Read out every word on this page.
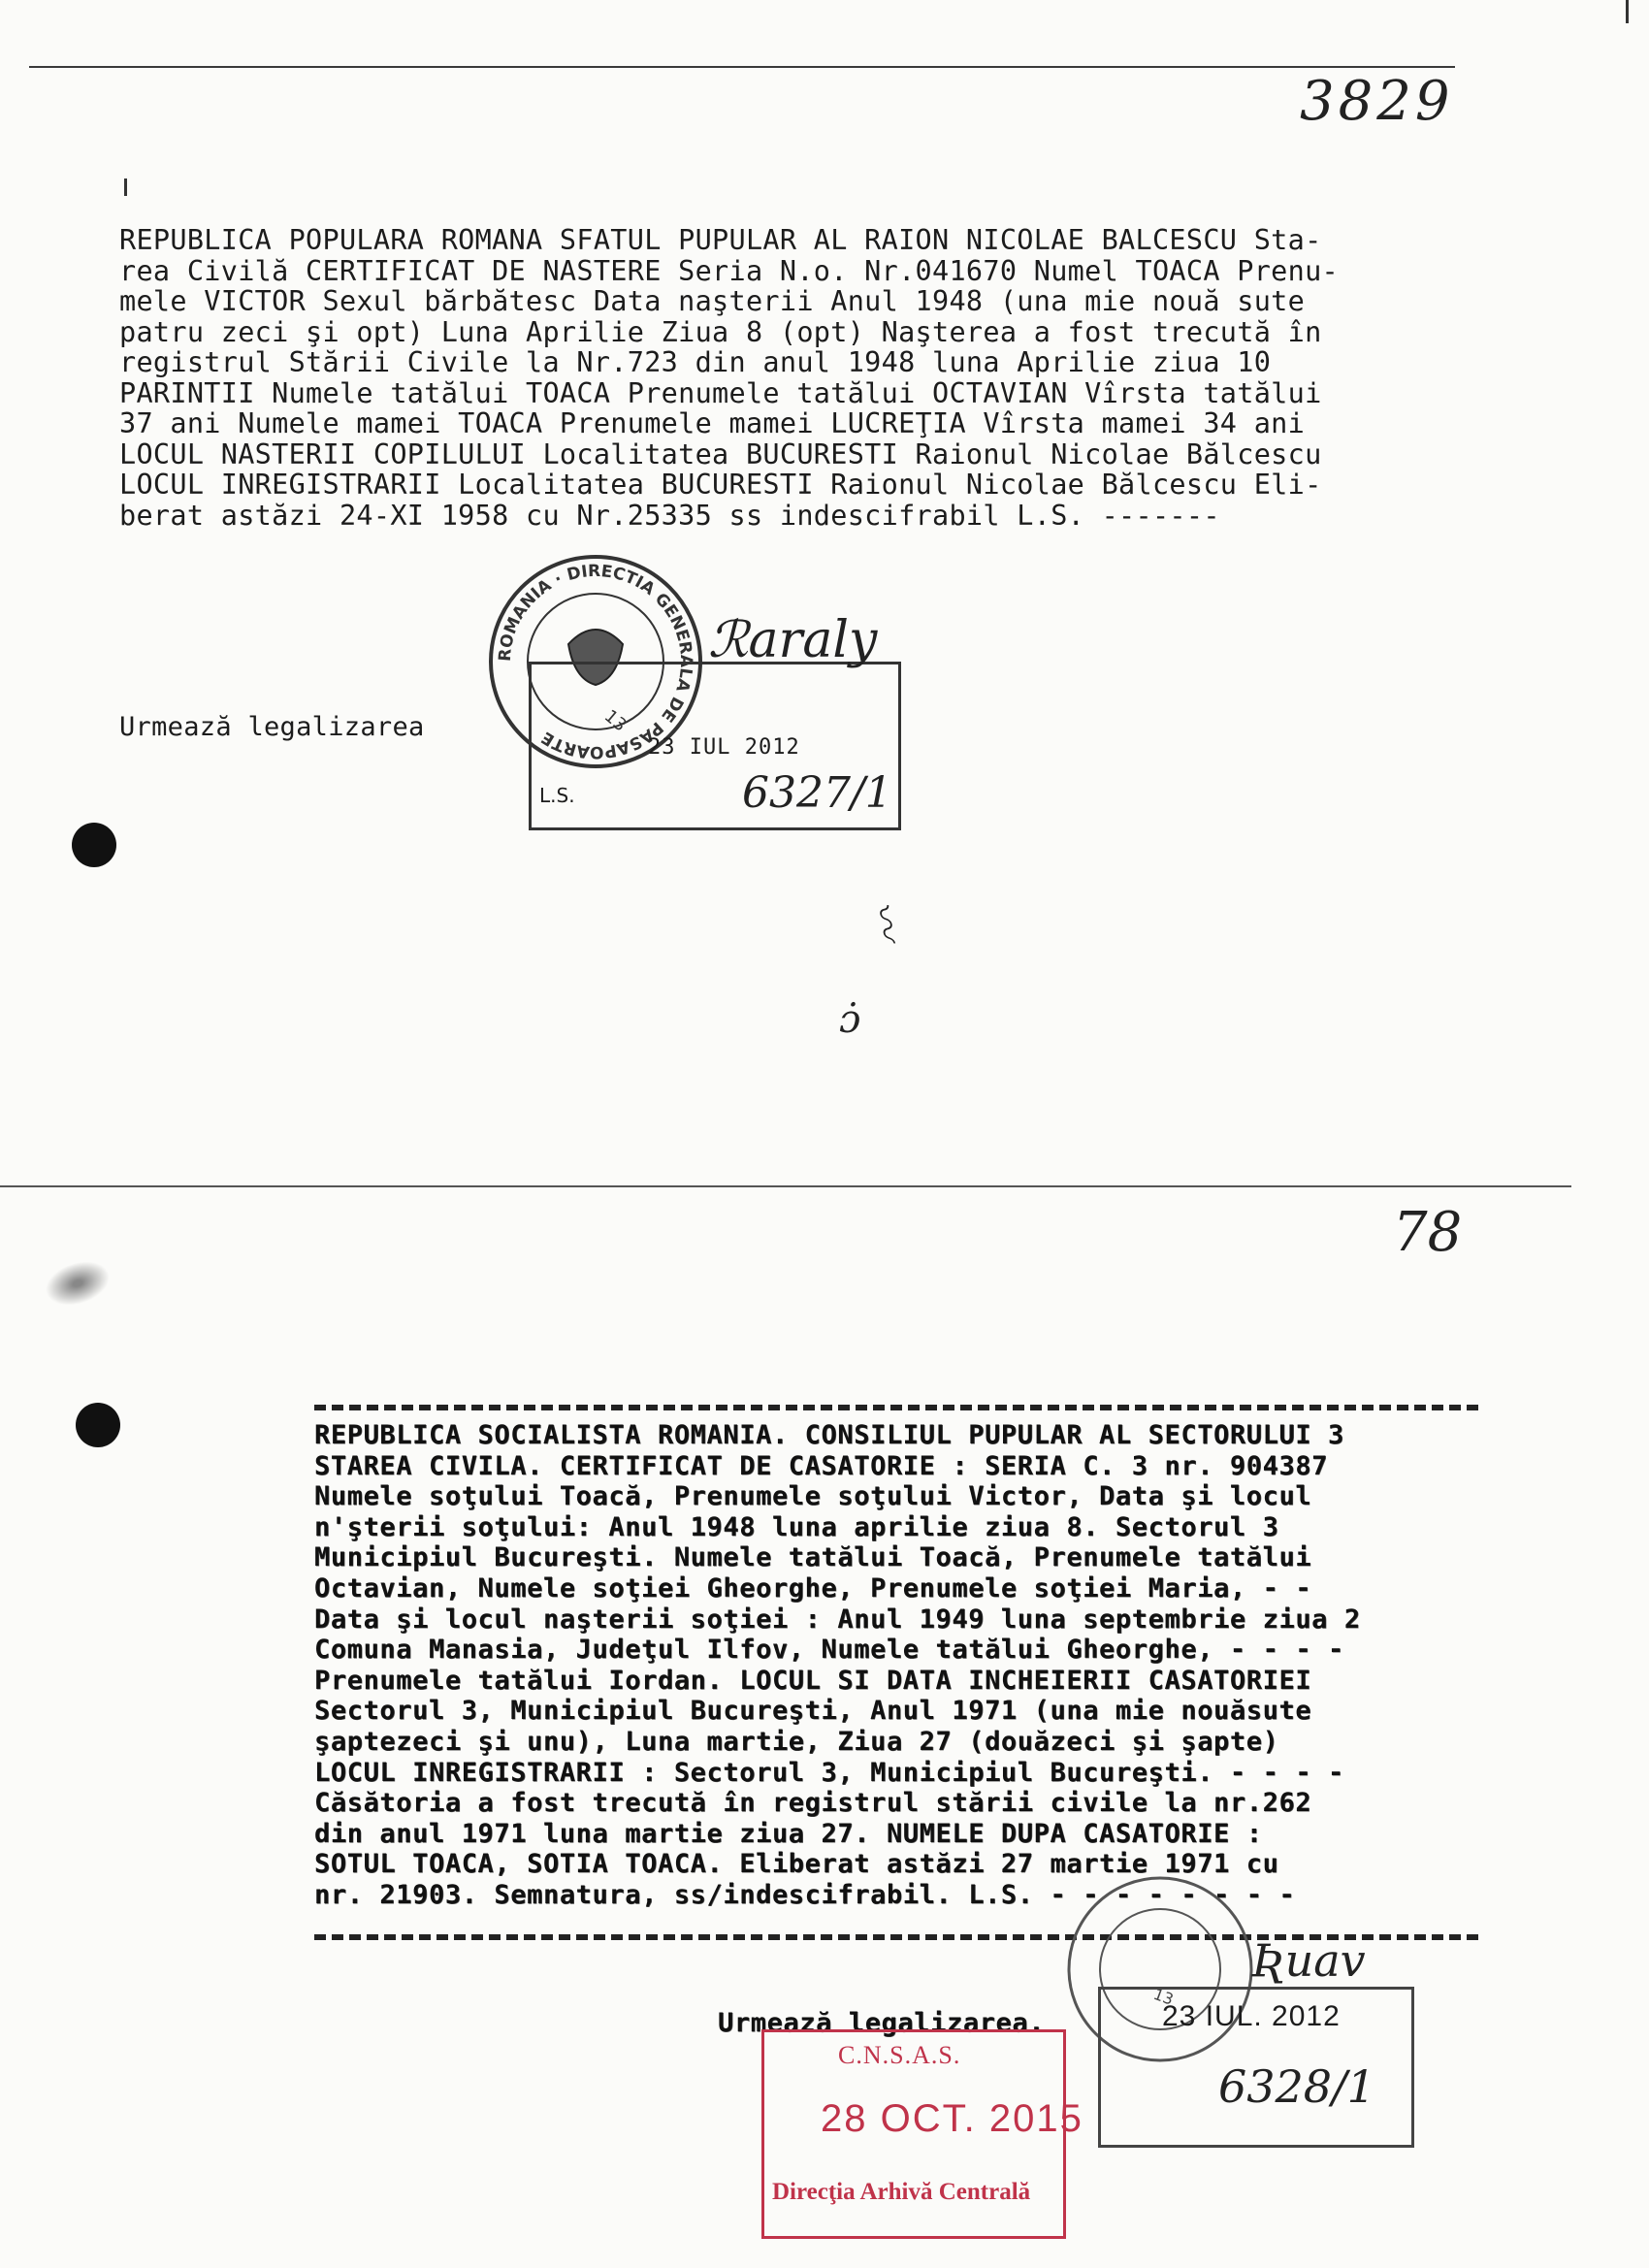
3829
REPUBLICA POPULARA ROMANA SFATUL PUPULAR AL RAION NICOLAE BALCESCU Sta-
rea Civilă CERTIFICAT DE NASTERE Seria N.o. Nr.041670 Numel TOACA Prenu-
mele VICTOR Sexul bărbătesc Data naşterii Anul 1948 (una mie nouă sute
patru zeci şi opt) Luna Aprilie Ziua 8 (opt) Naşterea a fost trecută în
registrul Stării Civile la Nr.723 din anul 1948 luna Aprilie ziua 10
PARINTII Numele tatălui TOACA Prenumele tatălui OCTAVIAN Vîrsta tatălui
37 ani Numele mamei TOACA Prenumele mamei LUCREŢIA Vîrsta mamei 34 ani
LOCUL NASTERII COPILULUI Localitatea BUCURESTI Raionul Nicolae Bălcescu
LOCUL INREGISTRARII Localitatea BUCURESTI Raionul Nicolae Bălcescu Eli-
berat astăzi 24-XI 1958 cu Nr.25335 ss indescifrabil L.S. -------
ROMANIA · DIRECTIA GENERALA DE PASAPOARTE
13
ℛaraly
23 IUL 2012
L.S.	6327/1
Urmează legalizarea
〰
ɔ̇
78
REPUBLICA SOCIALISTA ROMANIA. CONSILIUL PUPULAR AL SECTORULUI 3
STAREA CIVILA. CERTIFICAT DE CASATORIE : SERIA C. 3 nr. 904387
Numele soţului Toacă, Prenumele soţului Victor, Data şi locul
n'şterii soţului: Anul 1948 luna aprilie ziua 8. Sectorul 3
Municipiul Bucureşti. Numele tatălui Toacă, Prenumele tatălui
Octavian, Numele soţiei Gheorghe, Prenumele soţiei Maria, - -
Data şi locul naşterii soţiei : Anul 1949 luna septembrie ziua 2
Comuna Manasia, Judeţul Ilfov, Numele tatălui Gheorghe, - - - -
Prenumele tatălui Iordan. LOCUL SI DATA INCHEIERII CASATORIEI
Sectorul 3, Municipiul Bucureşti, Anul 1971 (una mie nouăsute
şaptezeci şi unu), Luna martie, Ziua 27 (douăzeci şi şapte)
LOCUL INREGISTRARII : Sectorul 3, Municipiul Bucureşti. - - - -
Căsătoria a fost trecută în registrul stării civile la nr.262
din anul 1971 luna martie ziua 27. NUMELE DUPA CASATORIE :
SOTUL TOACA, SOTIA TOACA. Eliberat astăzi 27 martie 1971 cu
nr. 21903. Semnatura, ss/indescifrabil. L.S. - - - - - - - -
13
Ʀuav
23 IUL. 2012
6328/1
Urmează legalizarea.
C.N.S.A.S.
28 OCT. 2015
Direcţia Arhivă Centrală
